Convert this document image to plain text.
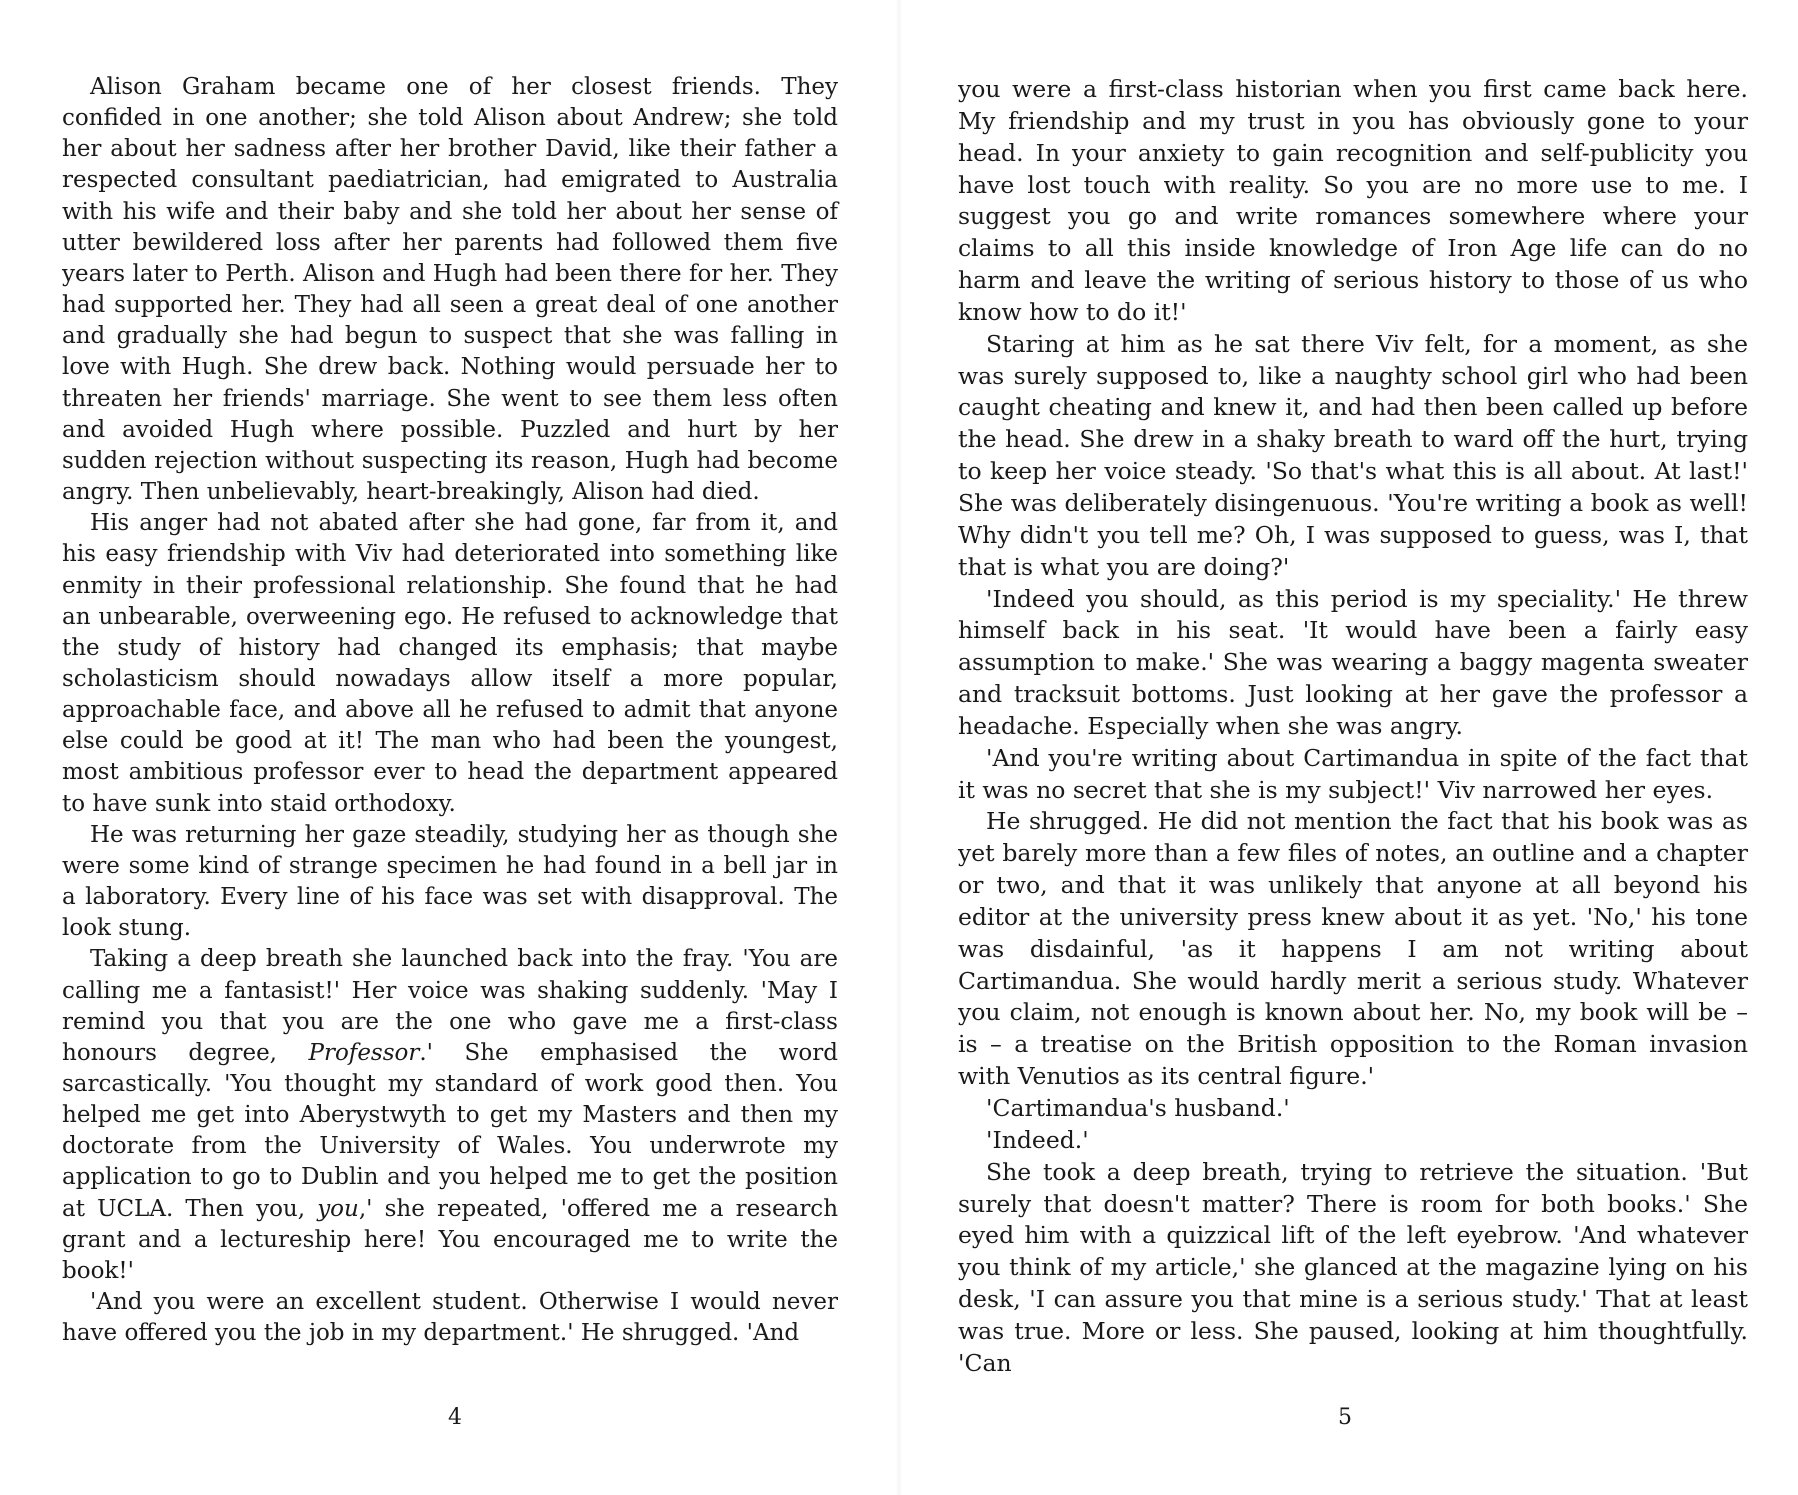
Alison Graham became one of her closest friends. They confided in one another; she told Alison about Andrew; she told her about her sadness after her brother David, like their father a respected consultant paediatrician, had emigrated to Australia with his wife and their baby and she told her about her sense of utter bewildered loss after her parents had followed them five years later to Perth. Alison and Hugh had been there for her. They had supported her. They had all seen a great deal of one another and gradually she had begun to suspect that she was falling in love with Hugh. She drew back. Nothing would persuade her to threaten her friends' marriage. She went to see them less often and avoided Hugh where possible. Puzzled and hurt by her sudden rejection without suspecting its reason, Hugh had become angry. Then unbelievably, heart-breakingly, Alison had died.

His anger had not abated after she had gone, far from it, and his easy friendship with Viv had deteriorated into something like enmity in their professional relationship. She found that he had an unbearable, overweening ego. He refused to acknowledge that the study of history had changed its emphasis; that maybe scholasticism should nowadays allow itself a more popular, approachable face, and above all he refused to admit that anyone else could be good at it! The man who had been the youngest, most ambitious professor ever to head the department appeared to have sunk into staid orthodoxy.

He was returning her gaze steadily, studying her as though she were some kind of strange specimen he had found in a bell jar in a laboratory. Every line of his face was set with disapproval. The look stung.

Taking a deep breath she launched back into the fray. 'You are calling me a fantasist!' Her voice was shaking suddenly. 'May I remind you that you are the one who gave me a first-class honours degree, Professor.' She emphasised the word sarcastically. 'You thought my standard of work good then. You helped me get into Aberystwyth to get my Masters and then my doctorate from the University of Wales. You underwrote my application to go to Dublin and you helped me to get the position at UCLA. Then you, you,' she repeated, 'offered me a research grant and a lectureship here! You encouraged me to write the book!'

'And you were an excellent student. Otherwise I would never have offered you the job in my department.' He shrugged. 'And

4

you were a first-class historian when you first came back here. My friendship and my trust in you has obviously gone to your head. In your anxiety to gain recognition and self-publicity you have lost touch with reality. So you are no more use to me. I suggest you go and write romances somewhere where your claims to all this inside knowledge of Iron Age life can do no harm and leave the writing of serious history to those of us who know how to do it!'

Staring at him as he sat there Viv felt, for a moment, as she was surely supposed to, like a naughty school girl who had been caught cheating and knew it, and had then been called up before the head. She drew in a shaky breath to ward off the hurt, trying to keep her voice steady. 'So that's what this is all about. At last!' She was deliberately disingenuous. 'You're writing a book as well! Why didn't you tell me? Oh, I was supposed to guess, was I, that that is what you are doing?'

'Indeed you should, as this period is my speciality.' He threw himself back in his seat. 'It would have been a fairly easy assumption to make.' She was wearing a baggy magenta sweater and tracksuit bottoms. Just looking at her gave the professor a headache. Especially when she was angry.

'And you're writing about Cartimandua in spite of the fact that it was no secret that she is my subject!' Viv narrowed her eyes.

He shrugged. He did not mention the fact that his book was as yet barely more than a few files of notes, an outline and a chapter or two, and that it was unlikely that anyone at all beyond his editor at the university press knew about it as yet. 'No,' his tone was disdainful, 'as it happens I am not writing about Cartimandua. She would hardly merit a serious study. Whatever you claim, not enough is known about her. No, my book will be – is – a treatise on the British opposition to the Roman invasion with Venutios as its central figure.'

'Cartimandua's husband.'

'Indeed.'

She took a deep breath, trying to retrieve the situation. 'But surely that doesn't matter? There is room for both books.' She eyed him with a quizzical lift of the left eyebrow. 'And whatever you think of my article,' she glanced at the magazine lying on his desk, 'I can assure you that mine is a serious study.' That at least was true. More or less. She paused, looking at him thoughtfully. 'Can

5
